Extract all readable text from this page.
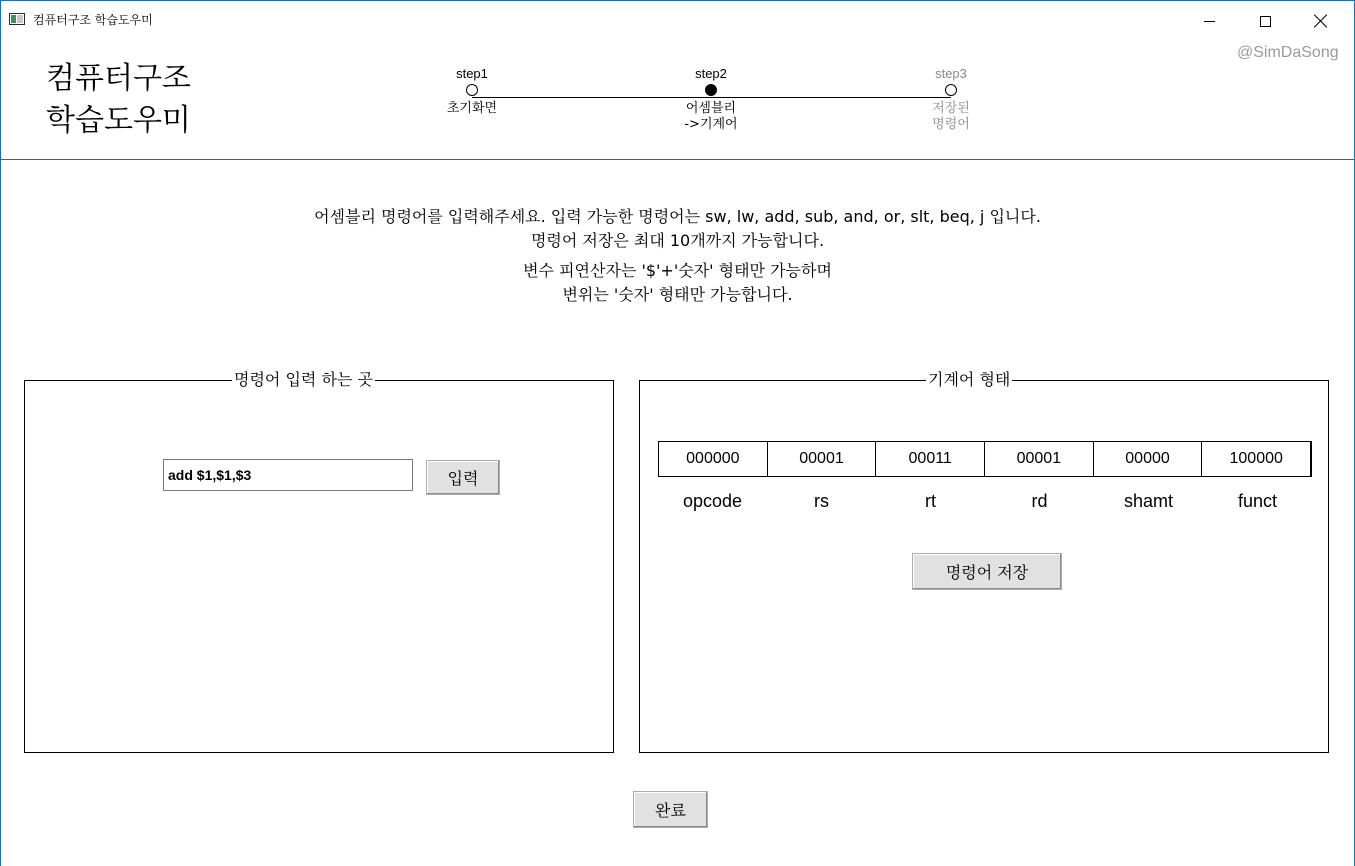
컴퓨터구조 학습도우미
@SimDaSong
컴퓨터구조
학습도우미
step1
초기화면
step2
어셈블리
->기계어
step3
저장된
명령어

어셈블리 명령어를 입력해주세요. 입력 가능한 명령어는 sw, lw, add, sub, and, or, slt, beq, j 입니다.

명령어 저장은 최대 10개까지 가능합니다.

변수 피연산자는 '$'+'숫자' 형태만 가능하며

변위는 '숫자' 형태만 가능합니다.

명령어 입력 하는 곳
add $1,$1,$3
입력
기계어 형태
000000	00001	00011	00001	00000	100000
opcode	rs	rt	rd	shamt	funct
명령어 저장
완료
